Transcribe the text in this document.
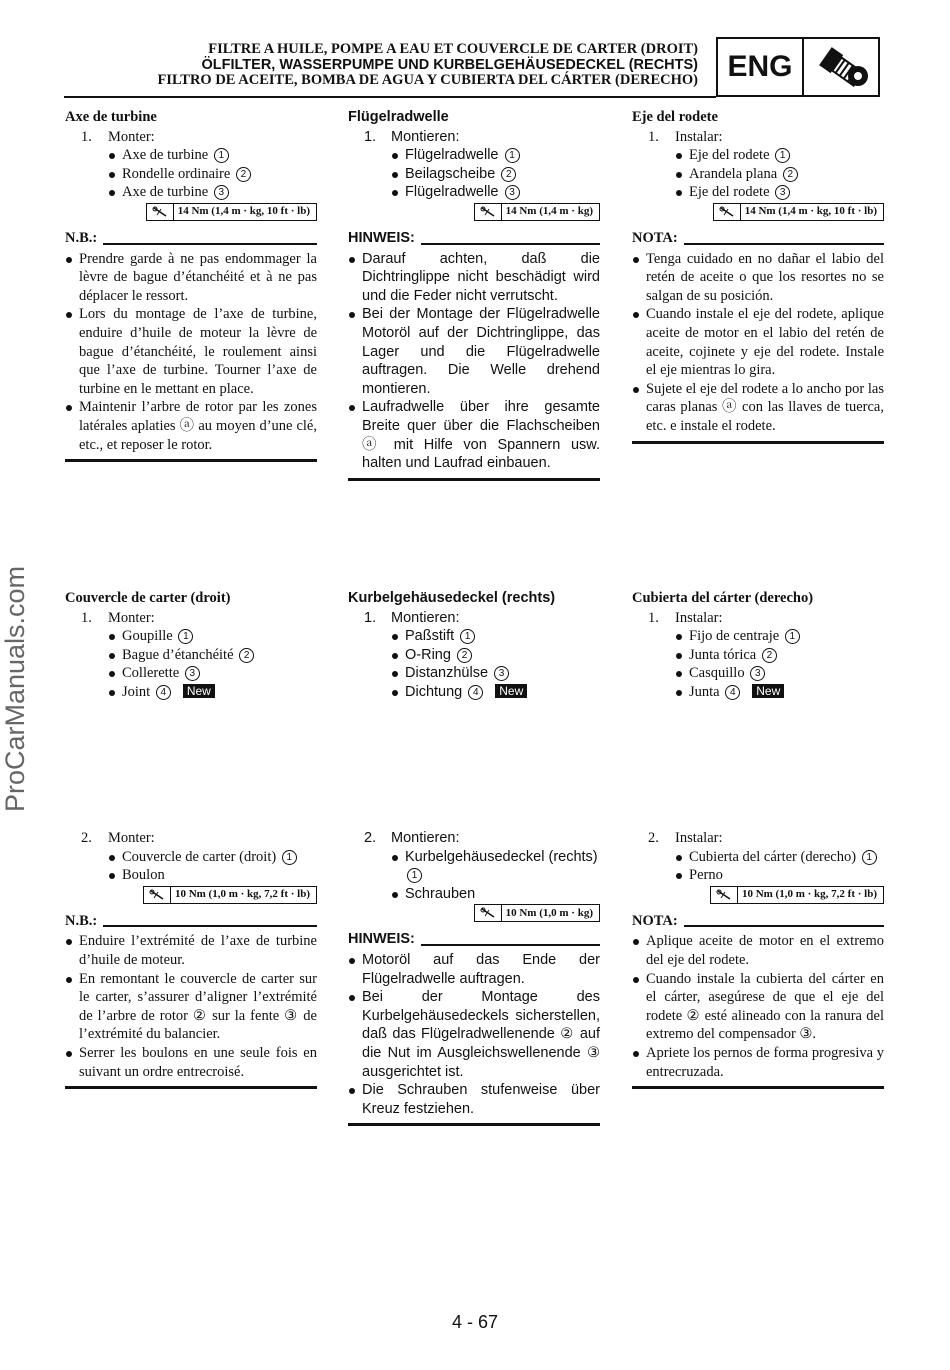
FILTRE A HUILE, POMPE A EAU ET COUVERCLE DE CARTER (DROIT)
ÖLFILTER, WASSERPUMPE UND KURBELGEHÄUSEDECKEL (RECHTS)
FILTRO DE ACEITE, BOMBA DE AGUA Y CUBIERTA DEL CÁRTER (DERECHO) ENG
ProCarManuals.com
Axe de turbine
1. Monter:
Axe de turbine 1
Rondelle ordinaire 2
Axe de turbine 3
14 Nm (1,4 m · kg, 10 ft · lb)
N.B.:
Prendre garde à ne pas endommager la lèvre de bague d’étanchéité et à ne pas déplacer le ressort.
Lors du montage de l’axe de turbine, enduire d’huile de moteur la lèvre de bague d’étanchéité, le roulement ainsi que l’axe de turbine. Tourner l’axe de turbine en le mettant en place.
Maintenir l’arbre de rotor par les zones latérales aplaties ⓐ au moyen d’une clé, etc., et reposer le rotor.
Flügelradwelle
1. Montieren:
Flügelradwelle 1
Beilagscheibe 2
Flügelradwelle 3
14 Nm (1,4 m · kg)
HINWEIS:
Darauf achten, daß die Dichtringlippe nicht beschädigt wird und die Feder nicht verrutscht.
Bei der Montage der Flügelradwelle Motoröl auf der Dichtringlippe, das Lager und die Flügelradwelle auftragen. Die Welle drehend montieren.
Laufradwelle über ihre gesamte Breite quer über die Flachscheiben ⓐ mit Hilfe von Spannern usw. halten und Laufrad einbauen.
Eje del rodete
1. Instalar:
Eje del rodete 1
Arandela plana 2
Eje del rodete 3
14 Nm (1,4 m · kg, 10 ft · lb)
NOTA:
Tenga cuidado en no dañar el labio del retén de aceite o que los resortes no se salgan de su posición.
Cuando instale el eje del rodete, aplique aceite de motor en el labio del retén de aceite, cojinete y eje del rodete. Instale el eje mientras lo gira.
Sujete el eje del rodete a lo ancho por las caras planas ⓐ con las llaves de tuerca, etc. e instale el rodete.
Couvercle de carter (droit)
1. Monter:
Goupille 1
Bague d’étanchéité 2
Collerette 3
Joint 4 New
Kurbelgehäusedeckel (rechts)
1. Montieren:
Paßstift 1
O-Ring 2
Distanzhülse 3
Dichtung 4 New
Cubierta del cárter (derecho)
1. Instalar:
Fijo de centraje 1
Junta tórica 2
Casquillo 3
Junta 4 New
2. Monter:
Couvercle de carter (droit) 1
Boulon
10 Nm (1,0 m · kg, 7,2 ft · lb)
N.B.:
Enduire l’extrémité de l’axe de turbine d’huile de moteur.
En remontant le couvercle de carter sur le carter, s’assurer d’aligner l’extrémité de l’arbre de rotor ② sur la fente ③ de l’extrémité du balancier.
Serrer les boulons en une seule fois en suivant un ordre entrecroisé.
2. Montieren:
Kurbelgehäusedeckel (rechts) 1
Schrauben
10 Nm (1,0 m · kg)
HINWEIS:
Motoröl auf das Ende der Flügelradwelle auftragen.
Bei der Montage des Kurbelgehäusedeckels sicherstellen, daß das Flügelradwellenende ② auf die Nut im Ausgleichswellenende ③ ausgerichtet ist.
Die Schrauben stufenweise über Kreuz festziehen.
2. Instalar:
Cubierta del cárter (derecho) 1
Perno
10 Nm (1,0 m · kg, 7,2 ft · lb)
NOTA:
Aplique aceite de motor en el extremo del eje del rodete.
Cuando instale la cubierta del cárter en el cárter, asegúrese de que el eje del rodete ② esté alineado con la ranura del extremo del compensador ③.
Apriete los pernos de forma progresiva y entrecruzada.
4 - 67
